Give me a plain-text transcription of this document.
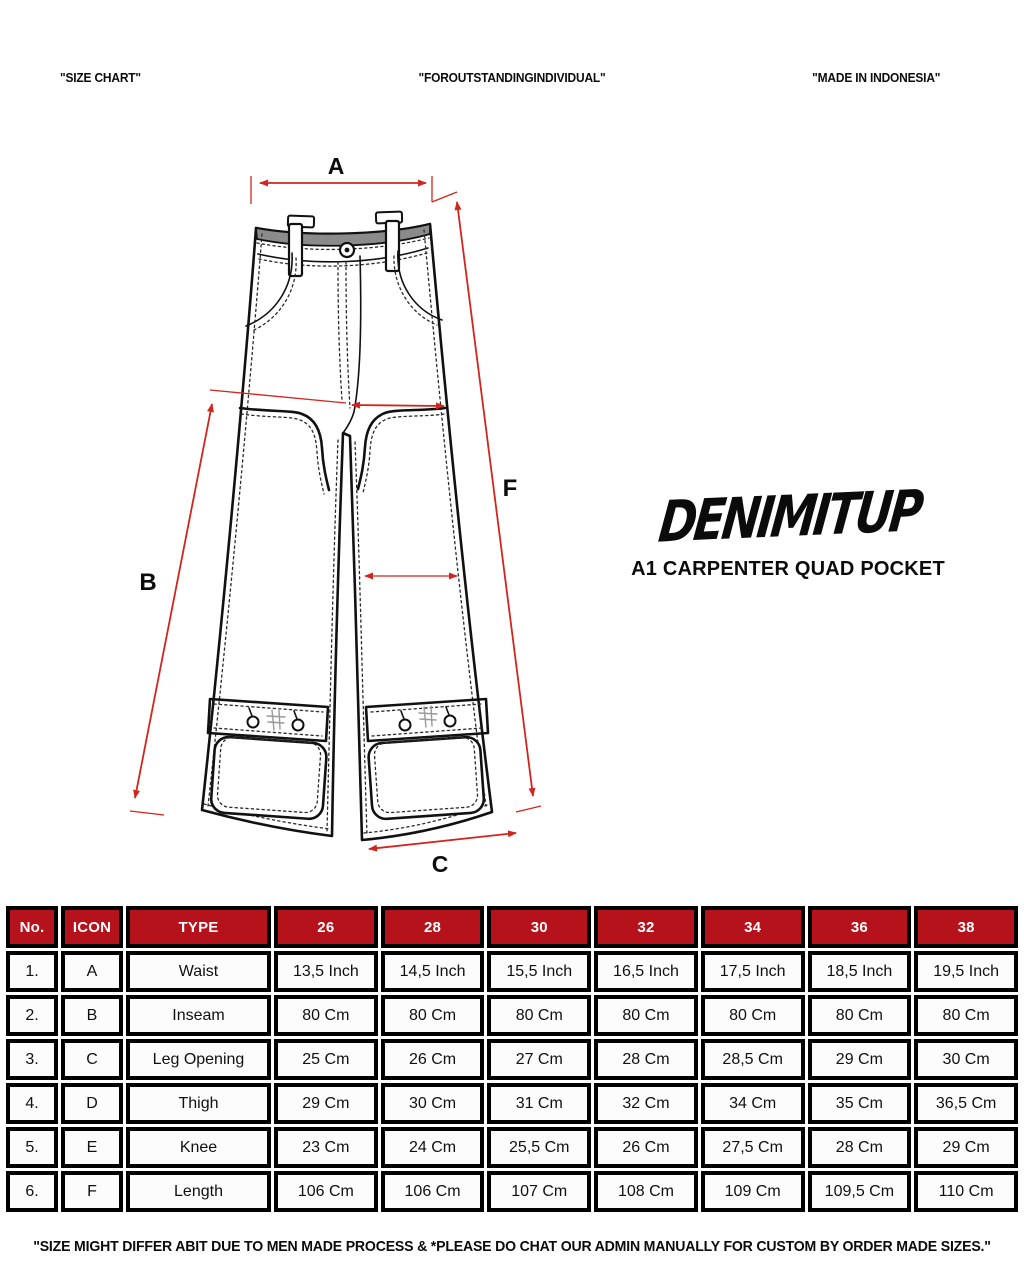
"SIZE CHART"	"FOROUTSTANDINGINDIVIDUAL"	"MADE IN INDONESIA"
A
F
B
C
DENIMITUP
A1 CARPENTER QUAD POCKET
No.	ICON	TYPE	26	28	30	32	34	36	38
1.	A	Waist	13,5 Inch	14,5 Inch	15,5 Inch	16,5 Inch	17,5 Inch	18,5 Inch	19,5 Inch
2.	B	Inseam	80 Cm	80 Cm	80 Cm	80 Cm	80 Cm	80 Cm	80 Cm
3.	C	Leg Opening	25 Cm	26 Cm	27 Cm	28 Cm	28,5 Cm	29 Cm	30 Cm
4.	D	Thigh	29 Cm	30 Cm	31 Cm	32 Cm	34 Cm	35 Cm	36,5 Cm
5.	E	Knee	23 Cm	24 Cm	25,5 Cm	26 Cm	27,5 Cm	28 Cm	29 Cm
6.	F	Length	106 Cm	106 Cm	107 Cm	108 Cm	109 Cm	109,5 Cm	110 Cm
"SIZE MIGHT DIFFER ABIT DUE TO MEN MADE PROCESS & *PLEASE DO CHAT OUR ADMIN MANUALLY FOR CUSTOM BY ORDER MADE SIZES."
